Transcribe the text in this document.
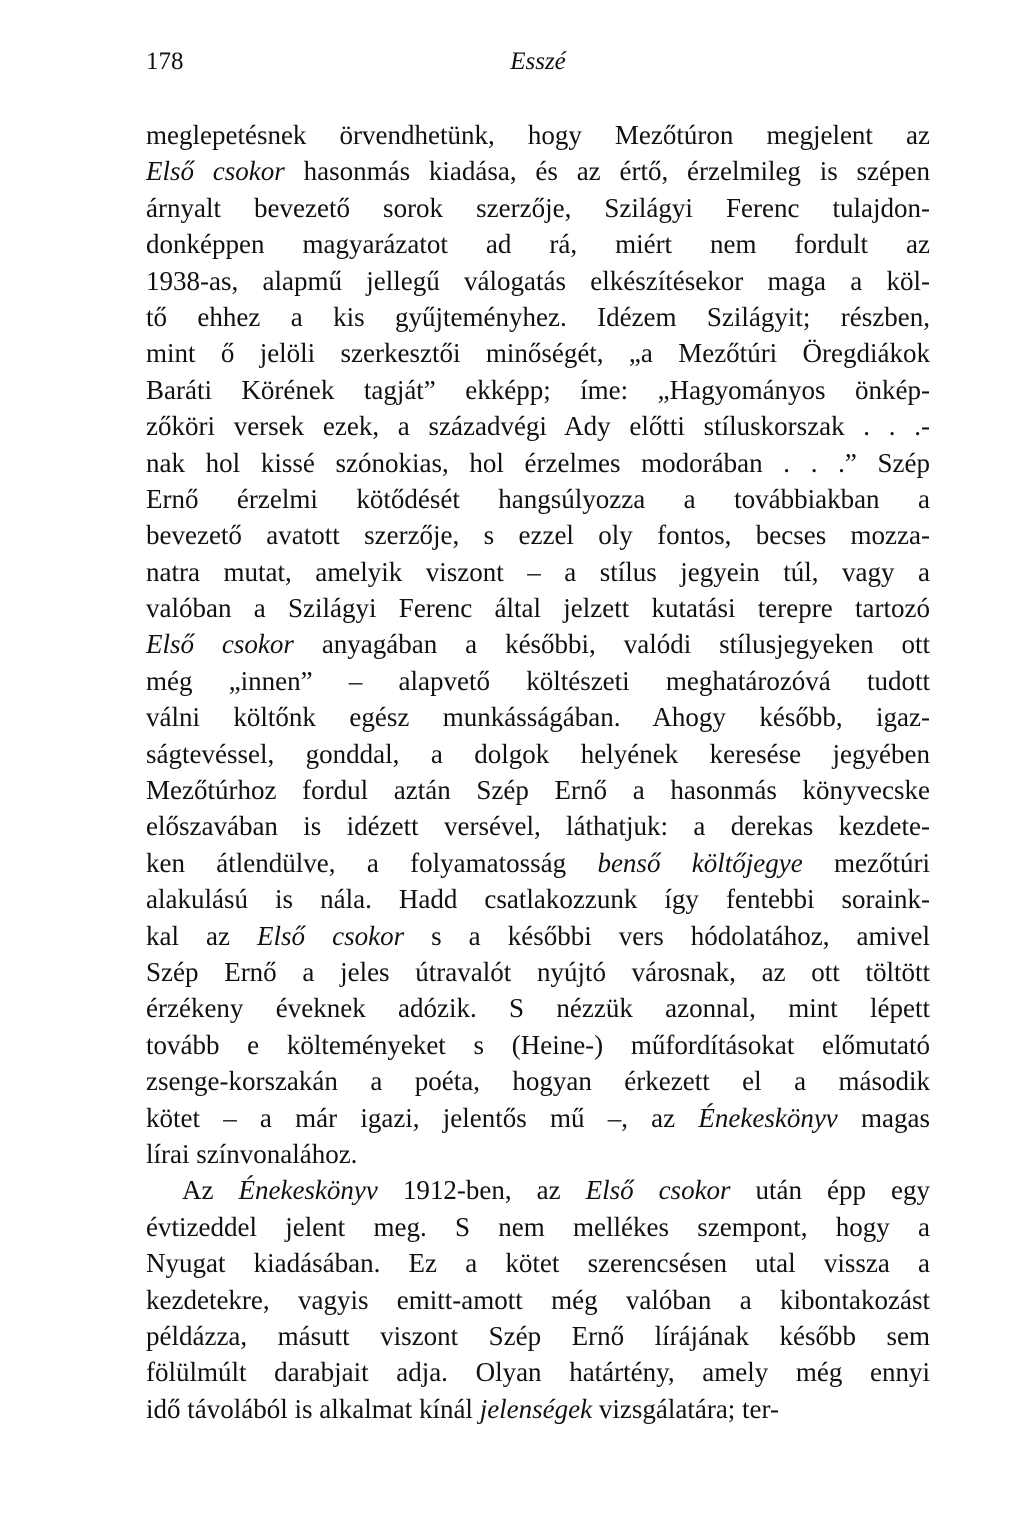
178	Esszé
meglepetésnek örvendhetünk, hogy Mezőtúron megjelent az
Első csokor hasonmás kiadása, és az értő, érzelmileg is szépen
árnyalt bevezető sorok szerzője, Szilágyi Ferenc tulajdon-
donképpen magyarázatot ad rá, miért nem fordult az
1938-as, alapmű jellegű válogatás elkészítésekor maga a köl-
tő ehhez a kis gyűjteményhez. Idézem Szilágyit; részben,
mint ő jelöli szerkesztői minőségét, „a Mezőtúri Öregdiákok
Baráti Körének tagját” ekképp; íme: „Hagyományos önkép-
zőköri versek ezek, a századvégi Ady előtti stíluskorszak . . .-
nak hol kissé szónokias, hol érzelmes modorában . . .” Szép
Ernő érzelmi kötődését hangsúlyozza a továbbiakban a
bevezető avatott szerzője, s ezzel oly fontos, becses mozza-
natra mutat, amelyik viszont – a stílus jegyein túl, vagy a
valóban a Szilágyi Ferenc által jelzett kutatási terepre tartozó
Első csokor anyagában a későbbi, valódi stílusjegyeken ott
még „innen” – alapvető költészeti meghatározóvá tudott
válni költőnk egész munkásságában. Ahogy később, igaz-
ságtevéssel, gonddal, a dolgok helyének keresése jegyében
Mezőtúrhoz fordul aztán Szép Ernő a hasonmás könyvecske
előszavában is idézett versével, láthatjuk: a derekas kezdete-
ken átlendülve, a folyamatosság benső költőjegye mezőtúri
alakulású is nála. Hadd csatlakozzunk így fentebbi soraink-
kal az Első csokor s a későbbi vers hódolatához, amivel
Szép Ernő a jeles útravalót nyújtó városnak, az ott töltött
érzékeny éveknek adózik. S nézzük azonnal, mint lépett
tovább e költeményeket s (Heine-) műfordításokat előmutató
zsenge-korszakán a poéta, hogyan érkezett el a második
kötet – a már igazi, jelentős mű –, az Énekeskönyv magas
lírai színvonalához.
Az Énekeskönyv 1912-ben, az Első csokor után épp egy
évtizeddel jelent meg. S nem mellékes szempont, hogy a
Nyugat kiadásában. Ez a kötet szerencsésen utal vissza a
kezdetekre, vagyis emitt-amott még valóban a kibontakozást
példázza, másutt viszont Szép Ernő lírájának később sem
fölülmúlt darabjait adja. Olyan határtény, amely még ennyi
idő távolából is alkalmat kínál jelenségek vizsgálatára; ter-
